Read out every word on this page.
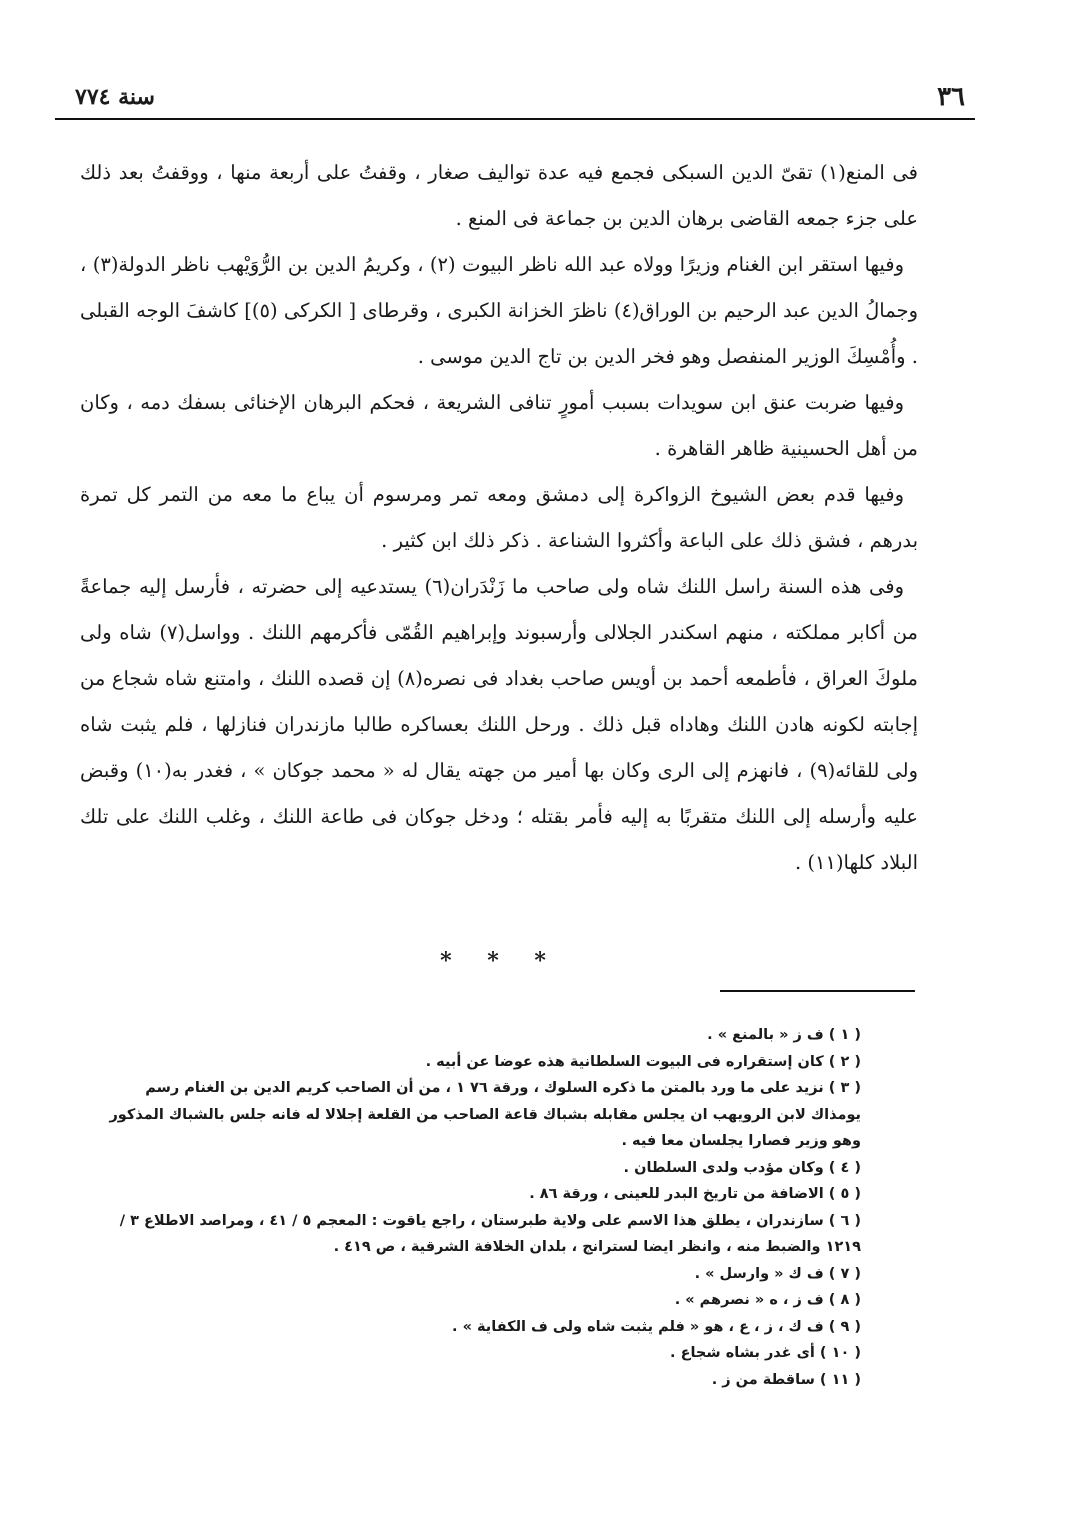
٣٦
سنة ٧٧٤

فى المنع(١) تقىّ الدين السبكى فجمع فيه عدة تواليف صغار ، وقفتُ على أربعة منها ، ووقفتُ بعد ذلك على جزء جمعه القاضى برهان الدين بن جماعة فى المنع .

وفيها استقر ابن الغنام وزيرًا وولاه عبد الله ناظر البيوت (٢) ، وكريمُ الدين بن الرُّوَيْهب ناظر الدولة(٣) ، وجمالُ الدين عبد الرحيم بن الوراق(٤) ناظرَ الخزانة الكبرى ، وقرطاى [ الكركى (٥)] كاشفَ الوجه القبلى . وأُمْسِكَ الوزير المنفصل وهو فخر الدين بن تاج الدين موسى .

وفيها ضربت عنق ابن سويدات بسبب أمورٍ تنافى الشريعة ، فحكم البرهان الإخنائى بسفك دمه ، وكان من أهل الحسينية ظاهر القاهرة .

وفيها قدم بعض الشيوخ الزواكرة إلى دمشق ومعه تمر ومرسوم أن يباع ما معه من التمر كل تمرة بدرهم ، فشق ذلك على الباعة وأكثروا الشناعة . ذكر ذلك ابن كثير .

وفى هذه السنة راسل اللنك شاه ولى صاحب ما زَنْدَران(٦) يستدعيه إلى حضرته ، فأرسل إليه جماعةً من أكابر مملكته ، منهم اسكندر الجلالى وأرسبوند وإبراهيم القُمّى فأكرمهم اللنك . وواسل(٧) شاه ولى ملوكَ العراق ، فأطمعه أحمد بن أويس صاحب بغداد فى نصره(٨) إن قصده اللنك ، وامتنع شاه شجاع من إجابته لكونه هادن اللنك وهاداه قبل ذلك . ورحل اللنك بعساكره طالبا مازندران فنازلها ، فلم يثبت شاه ولى للقائه(٩) ، فانهزم إلى الرى وكان بها أمير من جهته يقال له « محمد جوكان » ، فغدر به(١٠) وقبض عليه وأرسله إلى اللنك متقربًا به إليه فأمر بقتله ؛ ودخل جوكان فى طاعة اللنك ، وغلب اللنك على تلك البلاد كلها(١١) .

* * *

( ١ ) ف ز « بالمنع » .

( ٢ ) كان إستقراره فى البيوت السلطانية هذه عوضا عن أبيه .

( ٣ ) نزيد على ما ورد بالمتن ما ذكره السلوك ، ورقة ٧٦ ١ ، من أن الصاحب كريم الدين بن الغنام رسم يومذاك لابن الرويهب ان يجلس مقابله بشباك قاعة الصاحب من القلعة إجلالا له فانه جلس بالشباك المذكور وهو وزير فصارا يجلسان معا فيه .

( ٤ ) وكان مؤدب ولدى السلطان .

( ٥ ) الاضافة من تاريخ البدر للعينى ، ورقة ٨٦ .

( ٦ ) سازندران ، يطلق هذا الاسم على ولاية طبرستان ، راجع ياقوت : المعجم ٥ / ٤١ ، ومراصد الاطلاع ٣ / ١٢١٩ والضبط منه ، وانظر ايضا لسترانج ، بلدان الخلافة الشرقية ، ص ٤١٩ .

( ٧ ) ف ك « وارسل » .

( ٨ ) ف ز ، ه « نصرهم » .

( ٩ ) ف ك ، ز ، ع ، هو « فلم يثبت شاه ولى ف الكفاية » .

( ١٠ ) أى غدر بشاه شجاع .

( ١١ ) ساقطة من ز .
